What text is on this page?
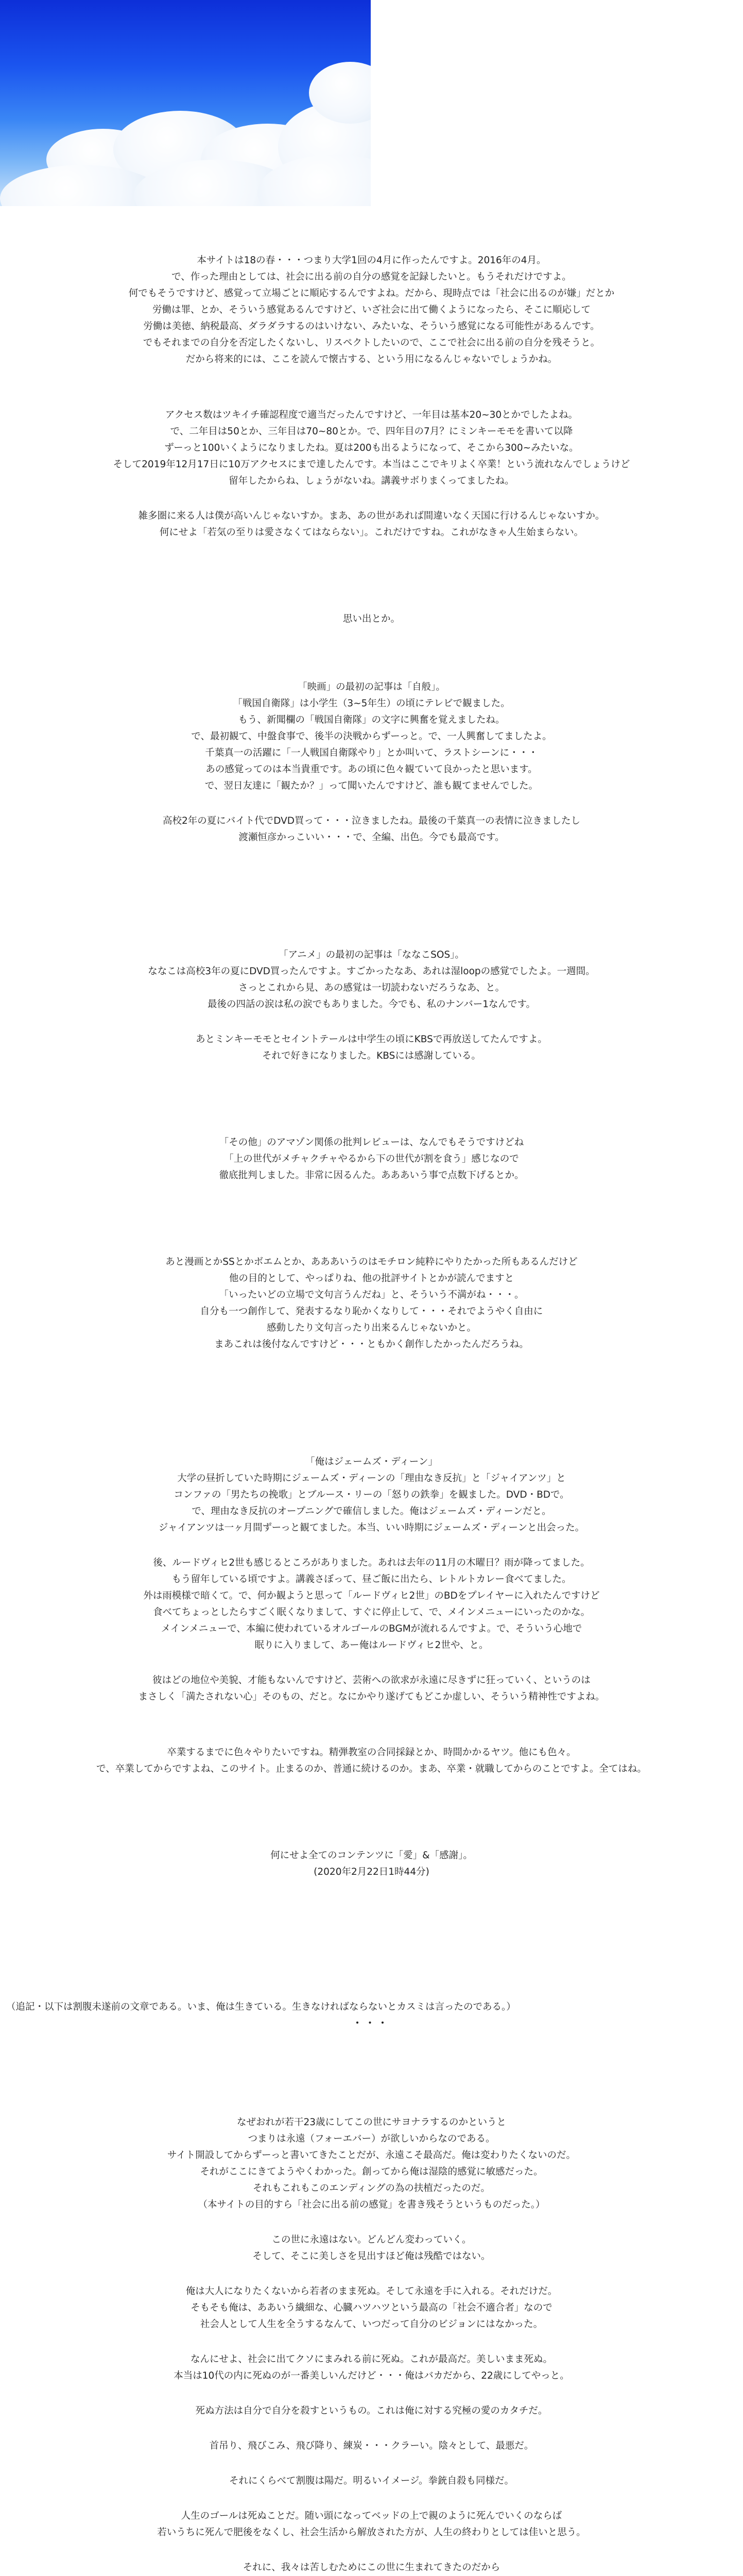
本サイトは18の春・・・つまり大学1回の4月に作ったんですよ。2016年の4月。

で、作った理由としては、社会に出る前の自分の感覚を記録したいと。もうそれだけですよ。

何でもそうですけど、感覚って立場ごとに順応するんですよね。だから、現時点では「社会に出るのが嫌」だとか

労働は罪、とか、そういう感覚あるんですけど、いざ社会に出て働くようになったら、そこに順応して

労働は美徳、納税最高、ダラダラするのはいけない、みたいな、そういう感覚になる可能性があるんです。

でもそれまでの自分を否定したくないし、リスペクトしたいので、ここで社会に出る前の自分を残そうと。

だから将来的には、ここを読んで懐古する、という用になるんじゃないでしょうかね。

アクセス数はツキイチ確認程度で適当だったんですけど、一年目は基本20~30とかでしたよね。

で、二年目は50とか、三年目は70~80とか。で、四年目の7月？にミンキーモモを書いて以降

ずーっと100いくようになりましたね。夏は200も出るようになって、そこから300~みたいな。

そして2019年12月17日に10万アクセスにまで達したんです。本当はここでキリよく卒業！という流れなんでしょうけど

留年したからね、しょうがないね。講義サボりまくってましたね。

雑多圏に来る人は僕が高いんじゃないすか。まあ、あの世があれば間違いなく天国に行けるんじゃないすか。

何にせよ「若気の至りは愛さなくてはならない」。これだけですね。これがなきゃ人生始まらない。

思い出とか。

「映画」の最初の記事は「自般」。

「戦国自衛隊」は小学生（3~5年生）の頃にテレビで観ました。

もう、新聞欄の「戦国自衛隊」の文字に興奮を覚えましたね。

で、最初観て、中盤食事で、後半の決戦からずーっと。で、一人興奮してましたよ。

千葉真一の活躍に「一人戦国自衛隊やり」とか叫いて、ラストシーンに・・・

あの感覚ってのは本当貴重です。あの頃に色々観ていて良かったと思います。

で、翌日友達に「観たか？」って聞いたんですけど、誰も観てませんでした。

高校2年の夏にバイト代でDVD買って・・・泣きましたね。最後の千葉真一の表情に泣きましたし

渡瀬恒彦かっこいい・・・で、全編、出色。今でも最高です。

「アニメ」の最初の記事は「ななこSOS」。

ななこは高校3年の夏にDVD買ったんですよ。すごかったなあ、あれは湿loopの感覚でしたよ。一週間。

さっとこれから見、あの感覚は一切読わないだろうなあ、と。

最後の四話の涙は私の涙でもありました。今でも、私のナンバー1なんです。

あとミンキーモモとセイントテールは中学生の頃にKBSで再放送してたんですよ。

それで好きになりました。KBSには感謝している。

「その他」のアマゾン関係の批判レビューは、なんでもそうですけどね

「上の世代がメチャクチャやるから下の世代が割を食う」感じなので

徹底批判しました。非常に因るんた。あああいう事で点数下げるとか。

あと漫画とかSSとかボエムとか、あああいうのはモチロン純粋にやりたかった所もあるんだけど

他の目的として、やっぱりね、他の批評サイトとかが読んでますと

「いったいどの立場で文句言うんだね」と、そういう不満がね・・・。

自分も一つ創作して、発表するなり恥かくなりして・・・それでようやく自由に

感動したり文句言ったり出来るんじゃないかと。

まあこれは後付なんですけど・・・ともかく創作したかったんだろうね。

「俺はジェームズ・ディーン」

大学の昼折していた時期にジェームズ・ディーンの「理由なき反抗」と「ジャイアンツ」と

コンファの「男たちの挽歌」とブルース・リーの「怒りの鉄拳」を観ました。DVD・BDで。

で、理由なき反抗のオープニングで確信しました。俺はジェームズ・ディーンだと。

ジャイアンツは一ヶ月間ずーっと観てました。本当、いい時期にジェームズ・ディーンと出会った。

後、ルードヴィヒ2世も感じるところがありました。あれは去年の11月の木曜日？雨が降ってました。

もう留年している頃ですよ。講義さぼって、昼ご飯に出たら、レトルトカレー食べてました。

外は雨模様で暗くて。で、何か観ようと思って「ルードヴィヒ2世」のBDをプレイヤーに入れたんですけど

食べてちょっとしたらすごく眠くなりまして、すぐに停止して、で、メインメニューにいったのかな。

メインメニューで、本編に使われているオルゴールのBGMが流れるんですよ。で、そういう心地で

眠りに入りまして、あー俺はルードヴィヒ2世や、と。

彼はどの地位や美貌、才能もないんですけど、芸術への欲求が永遠に尽きずに狂っていく、というのは

まさしく「満たされない心」そのもの、だと。なにかやり遂げてもどこか虚しい、そういう精神性ですよね。

卒業するまでに色々やりたいですね。精弾教室の合同採録とか、時間かかるヤツ。他にも色々。

で、卒業してからですよね、このサイト。止まるのか、普通に続けるのか。まあ、卒業・就職してからのことですよ。全てはね。

何にせよ全てのコンテンツに「愛」&「感謝」。

(2020年2月22日1時44分)

（追記・以下は割腹未遂前の文章である。いま、俺は生きている。生きなければならないとカスミは言ったのである。）

・・・

なぜおれが若干23歳にしてこの世にサヨナラするのかというと

つまりは永遠（フォーエバー）が欲しいからなのである。

サイト開設してからずーっと書いてきたことだが、永遠こそ最高だ。俺は変わりたくないのだ。

それがここにきてようやくわかった。創ってから俺は湿陰的感覚に敏感だった。

それもこれもこのエンディングの為の扶植だったのだ。

（本サイトの目的すら「社会に出る前の感覚」を書き残そうというものだった。）

この世に永遠はない。どんどん変わっていく。

そして、そこに美しさを見出すほど俺は残酷ではない。

俺は大人になりたくないから若者のまま死ぬ。そして永遠を手に入れる。それだけだ。

そもそも俺は、ああいう繊細な、心臓ハツハツという最高の「社会不適合者」なので

社会人として人生を全うするなんて、いつだって自分のビジョンにはなかった。

なんにせよ、社会に出てクソにまみれる前に死ぬ。これが最高だ。美しいまま死ぬ。

本当は10代の内に死ぬのが一番美しいんだけど・・・俺はバカだから、22歳にしてやっと。

死ぬ方法は自分で自分を殺すというもの。これは俺に対する究極の愛のカタチだ。

首吊り、飛びこみ、飛び降り、練炭・・・クラーい。陰々として、最悪だ。

それにくらべて割腹は陽だ。明るいイメージ。拳銃自殺も同様だ。

人生のゴールは死ぬことだ。随い頭になってベッドの上で親のように死んでいくのならば

若いうちに死んで肥後をなくし、社会生活から解放された方が、人生の終わりとしては佳いと思う。

それに、我々は苦しむためにこの世に生まれてきたのだから
